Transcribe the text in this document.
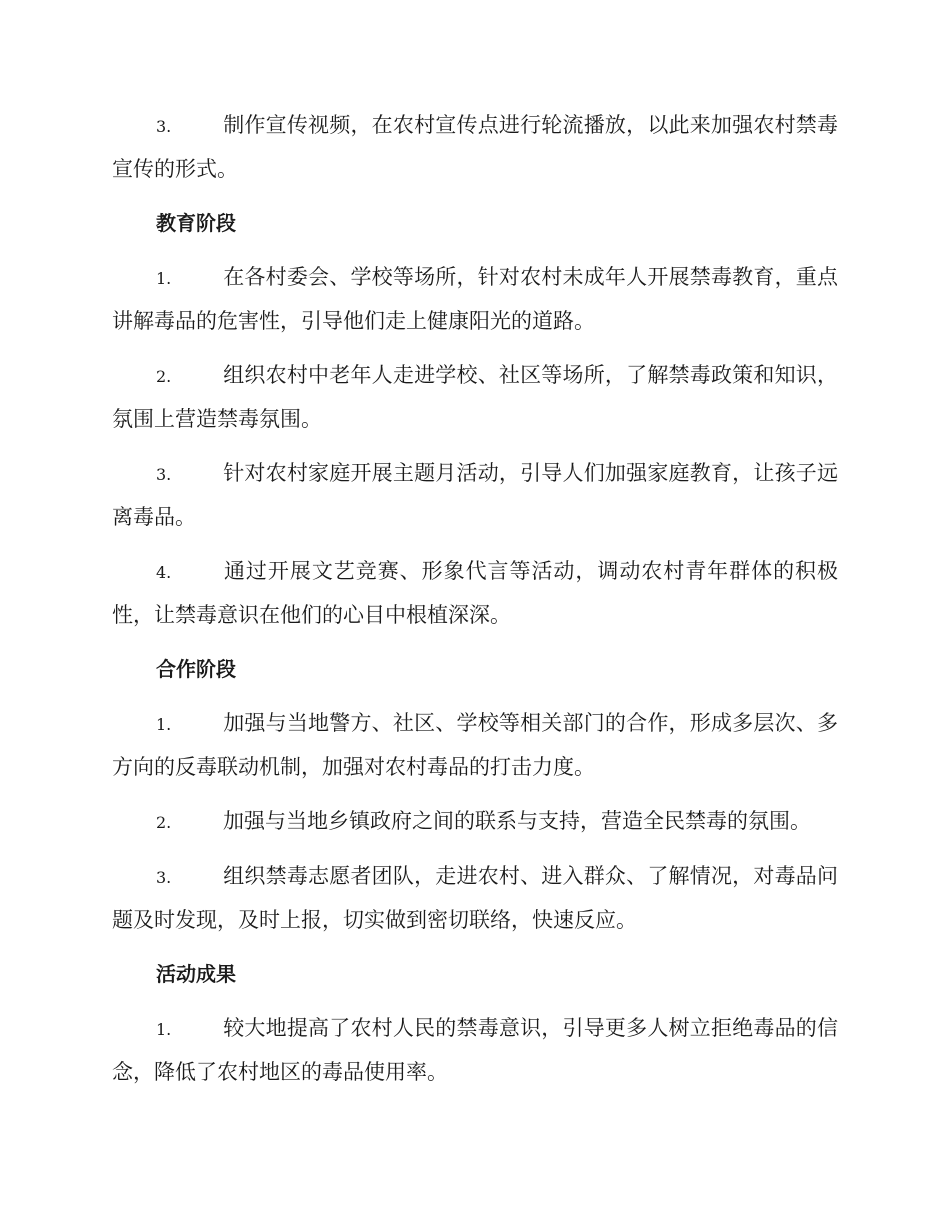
3. 制作宣传视频，在农村宣传点进行轮流播放，以此来加强农村禁毒宣传的形式。

教育阶段

1. 在各村委会、学校等场所，针对农村未成年人开展禁毒教育，重点讲解毒品的危害性，引导他们走上健康阳光的道路。

2. 组织农村中老年人走进学校、社区等场所，了解禁毒政策和知识，氛围上营造禁毒氛围。

3. 针对农村家庭开展主题月活动，引导人们加强家庭教育，让孩子远离毒品。

4. 通过开展文艺竞赛、形象代言等活动，调动农村青年群体的积极性，让禁毒意识在他们的心目中根植深深。

合作阶段

1. 加强与当地警方、社区、学校等相关部门的合作，形成多层次、多方向的反毒联动机制，加强对农村毒品的打击力度。

2. 加强与当地乡镇政府之间的联系与支持，营造全民禁毒的氛围。

3. 组织禁毒志愿者团队，走进农村、进入群众、了解情况，对毒品问题及时发现，及时上报，切实做到密切联络，快速反应。

活动成果

1. 较大地提高了农村人民的禁毒意识，引导更多人树立拒绝毒品的信念，降低了农村地区的毒品使用率。
